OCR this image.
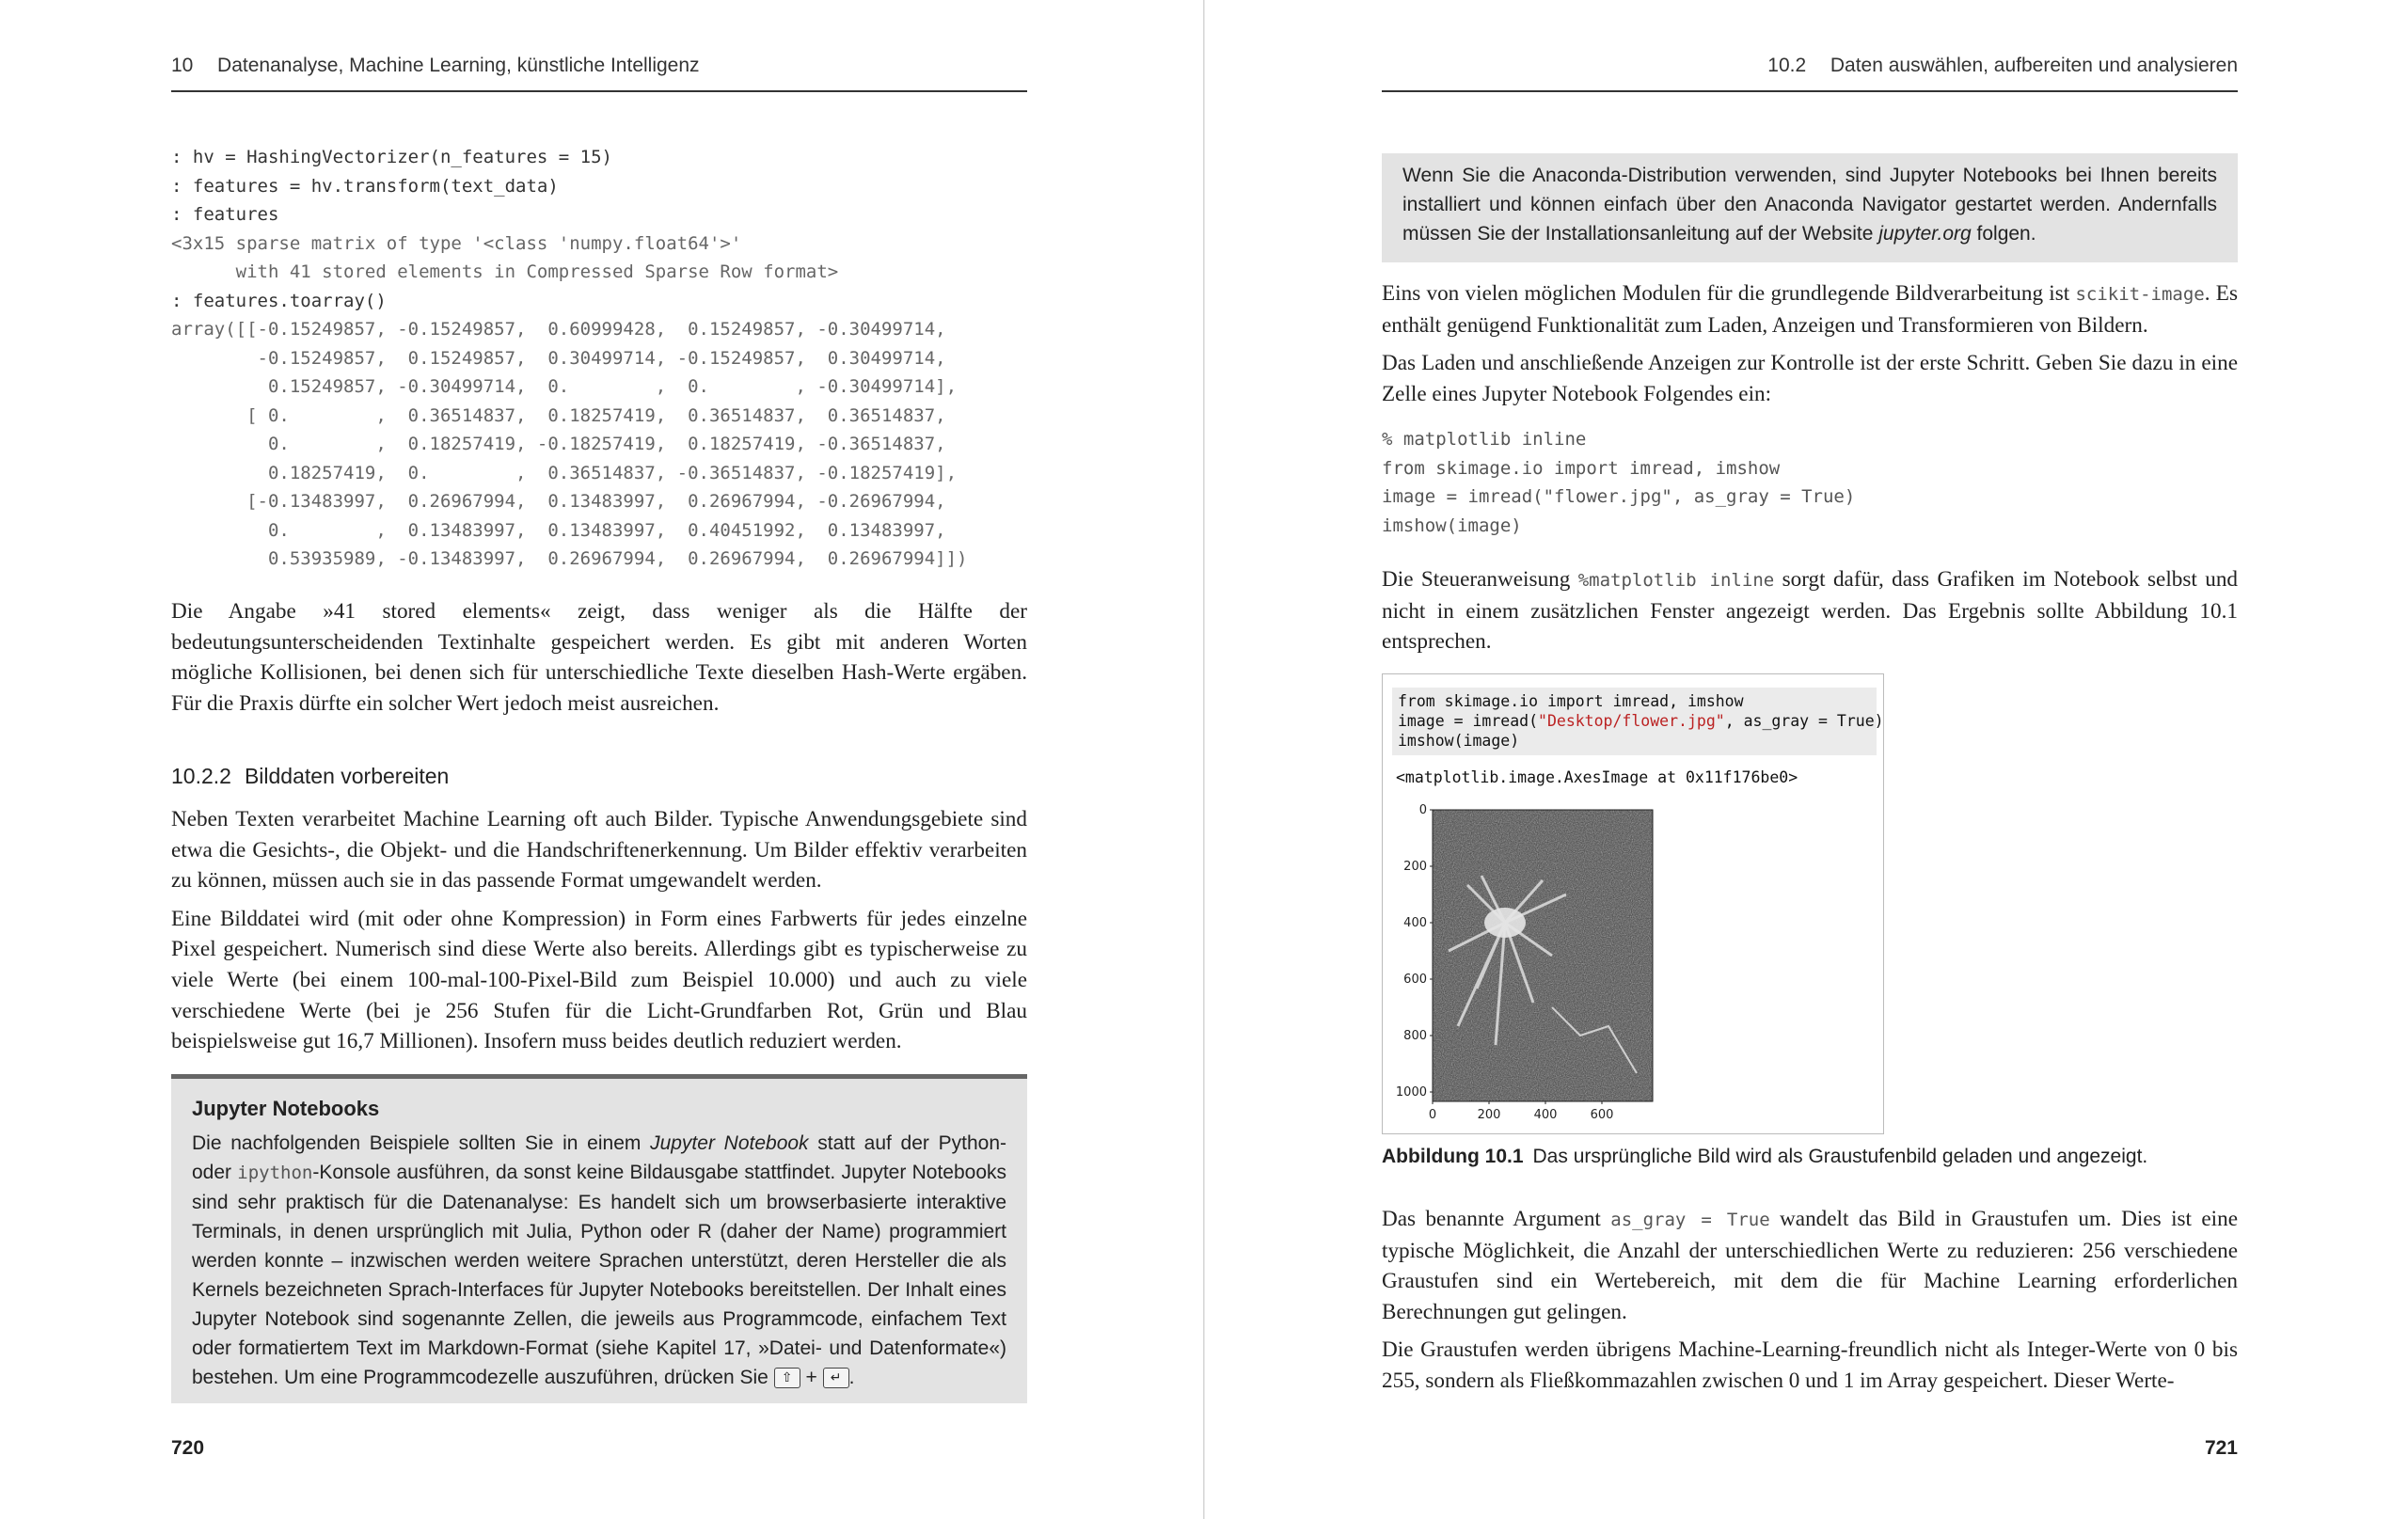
10 Datenanalyse, Machine Learning, künstliche Intelligenz
: hv = HashingVectorizer(n_features = 15)
: features = hv.transform(text_data)
: features
<3x15 sparse matrix of type '<class 'numpy.float64'>'
with 41 stored elements in Compressed Sparse Row format>
: features.toarray()
array([[-0.15249857, -0.15249857,  0.60999428,  0.15249857, -0.30499714,
-0.15249857,  0.15249857,  0.30499714, -0.15249857,  0.30499714,
0.15249857, -0.30499714,  0.        ,  0.        , -0.30499714],
[ 0.        ,  0.36514837,  0.18257419,  0.36514837,  0.36514837,
0.        ,  0.18257419, -0.18257419,  0.18257419, -0.36514837,
0.18257419,  0.        ,  0.36514837, -0.36514837, -0.18257419],
[-0.13483997,  0.26967994,  0.13483997,  0.26967994, -0.26967994,
0.        ,  0.13483997,  0.13483997,  0.40451992,  0.13483997,
0.53935989, -0.13483997,  0.26967994,  0.26967994,  0.26967994]])

Die Angabe »41 stored elements« zeigt, dass weniger als die Hälfte der bedeutungsunterscheidenden Textinhalte gespeichert werden. Es gibt mit anderen Worten mögliche Kollisionen, bei denen sich für unterschiedliche Texte dieselben Hash-Werte ergäben. Für die Praxis dürfte ein solcher Wert jedoch meist ausreichen.

10.2.2 Bilddaten vorbereiten

Neben Texten verarbeitet Machine Learning oft auch Bilder. Typische Anwendungsgebiete sind etwa die Gesichts-, die Objekt- und die Handschriftenerkennung. Um Bilder effektiv verarbeiten zu können, müssen auch sie in das passende Format umgewandelt werden.

Eine Bilddatei wird (mit oder ohne Kompression) in Form eines Farbwerts für jedes einzelne Pixel gespeichert. Numerisch sind diese Werte also bereits. Allerdings gibt es typischerweise zu viele Werte (bei einem 100-mal-100-Pixel-Bild zum Beispiel 10.000) und auch zu viele verschiedene Werte (bei je 256 Stufen für die Licht-Grundfarben Rot, Grün und Blau beispielsweise gut 16,7 Millionen). Insofern muss beides deutlich reduziert werden.

Jupyter Notebooks
Die nachfolgenden Beispiele sollten Sie in einem Jupyter Notebook statt auf der Python- oder ipython-Konsole ausführen, da sonst keine Bildausgabe stattfindet. Jupyter Notebooks sind sehr praktisch für die Datenanalyse: Es handelt sich um browserbasierte interaktive Terminals, in denen ursprünglich mit Julia, Python oder R (daher der Name) programmiert werden konnte – inzwischen werden weitere Sprachen unterstützt, deren Hersteller die als Kernels bezeichneten Sprach-Interfaces für Jupyter Notebooks bereitstellen. Der Inhalt eines Jupyter Notebook sind sogenannte Zellen, die jeweils aus Programmcode, einfachem Text oder formatiertem Text im Markdown-Format (siehe Kapitel 17, »Datei- und Datenformate«) bestehen. Um eine Programmcodezelle auszuführen, drücken Sie ⇧ + ↵ .
720
10.2 Daten auswählen, aufbereiten und analysieren
Wenn Sie die Anaconda-Distribution verwenden, sind Jupyter Notebooks bei Ihnen bereits installiert und können einfach über den Anaconda Navigator gestartet werden. Andernfalls müssen Sie der Installationsanleitung auf der Website jupyter.org folgen.

Eins von vielen möglichen Modulen für die grundlegende Bildverarbeitung ist scikit-image. Es enthält genügend Funktionalität zum Laden, Anzeigen und Transformieren von Bildern.

Das Laden und anschließende Anzeigen zur Kontrolle ist der erste Schritt. Geben Sie dazu in eine Zelle eines Jupyter Notebook Folgendes ein:

% matplotlib inline
from skimage.io import imread, imshow
image = imread("flower.jpg", as_gray = True)
imshow(image)

Die Steueranweisung %matplotlib inline sorgt dafür, dass Grafiken im Notebook selbst und nicht in einem zusätzlichen Fenster angezeigt werden. Das Ergebnis sollte Abbildung 10.1 entsprechen.

from skimage.io import imread, imshow
image = imread("Desktop/flower.jpg", as_gray = True)
imshow(image)
<matplotlib.image.AxesImage at 0x11f176be0>
0
200
400
600
800
1000
0	200	400	600
Abbildung 10.1 Das ursprüngliche Bild wird als Graustufenbild geladen und angezeigt.

Das benannte Argument as_gray = True wandelt das Bild in Graustufen um. Dies ist eine typische Möglichkeit, die Anzahl der unterschiedlichen Werte zu reduzieren: 256 verschiedene Graustufen sind ein Wertebereich, mit dem die für Machine Learning erforderlichen Berechnungen gut gelingen.

Die Graustufen werden übrigens Machine-Learning-freundlich nicht als Integer-Werte von 0 bis 255, sondern als Fließkommazahlen zwischen 0 und 1 im Array gespeichert. Dieser Werte-

721
